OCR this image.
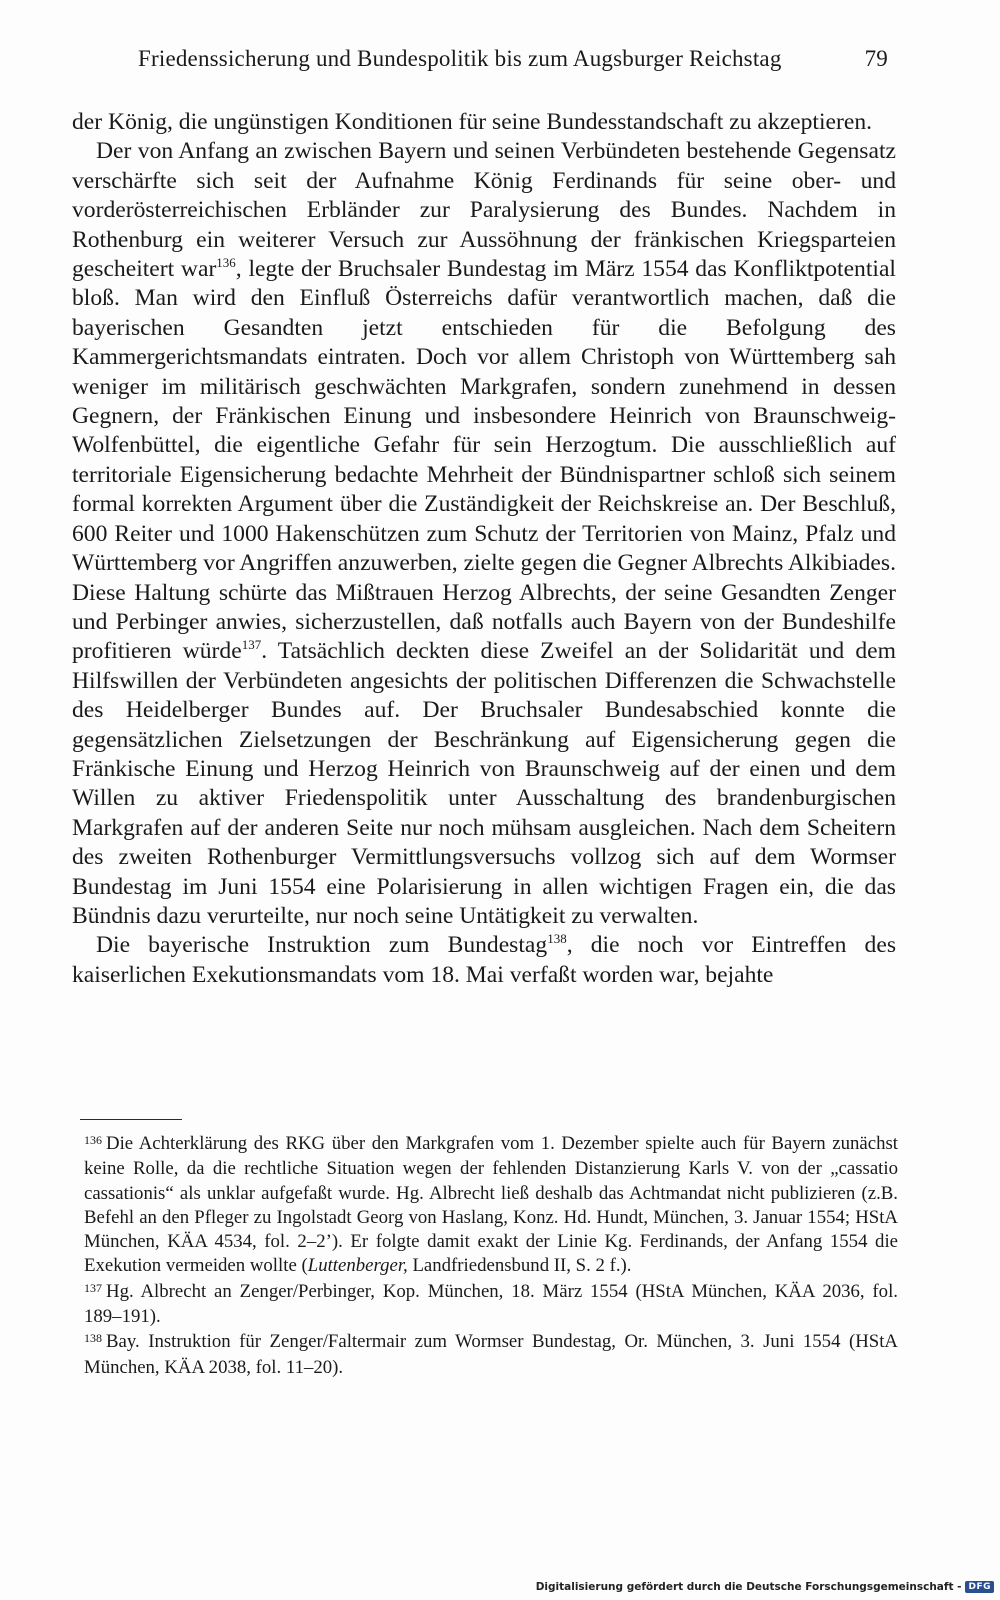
Friedenssicherung und Bundespolitik bis zum Augsburger Reichstag	79

der König, die ungünstigen Konditionen für seine Bundesstandschaft zu akzeptieren.

Der von Anfang an zwischen Bayern und seinen Verbündeten bestehende Gegensatz verschärfte sich seit der Aufnahme König Ferdinands für seine ober- und vorderösterreichischen Erbländer zur Paralysierung des Bundes. Nachdem in Rothenburg ein weiterer Versuch zur Aussöhnung der fränkischen Kriegsparteien gescheitert war$^{136}$, legte der Bruchsaler Bundestag im März 1554 das Konfliktpotential bloß. Man wird den Einfluß Österreichs dafür verantwortlich machen, daß die bayerischen Gesandten jetzt entschieden für die Befolgung des Kammergerichtsmandats eintraten. Doch vor allem Christoph von Württemberg sah weniger im militärisch geschwächten Markgrafen, sondern zunehmend in dessen Gegnern, der Fränkischen Einung und insbesondere Heinrich von Braunschweig-Wolfenbüttel, die eigentliche Gefahr für sein Herzogtum. Die ausschließlich auf territoriale Eigensicherung bedachte Mehrheit der Bündnispartner schloß sich seinem formal korrekten Argument über die Zuständigkeit der Reichskreise an. Der Beschluß, 600 Reiter und 1000 Hakenschützen zum Schutz der Territorien von Mainz, Pfalz und Württemberg vor Angriffen anzuwerben, zielte gegen die Gegner Albrechts Alkibiades. Diese Haltung schürte das Mißtrauen Herzog Albrechts, der seine Gesandten Zenger und Perbinger anwies, sicherzustellen, daß notfalls auch Bayern von der Bundeshilfe profitieren würde$^{137}$. Tatsächlich deckten diese Zweifel an der Solidarität und dem Hilfswillen der Verbündeten angesichts der politischen Differenzen die Schwachstelle des Heidelberger Bundes auf. Der Bruchsaler Bundesabschied konnte die gegensätzlichen Zielsetzungen der Beschränkung auf Eigensicherung gegen die Fränkische Einung und Herzog Heinrich von Braunschweig auf der einen und dem Willen zu aktiver Friedenspolitik unter Ausschaltung des brandenburgischen Markgrafen auf der anderen Seite nur noch mühsam ausgleichen. Nach dem Scheitern des zweiten Rothenburger Vermittlungsversuchs vollzog sich auf dem Wormser Bundestag im Juni 1554 eine Polarisierung in allen wichtigen Fragen ein, die das Bündnis dazu verurteilte, nur noch seine Untätigkeit zu verwalten.

Die bayerische Instruktion zum Bundestag$^{138}$, die noch vor Eintreffen des kaiserlichen Exekutionsmandats vom 18. Mai verfaßt worden war, bejahte

$^{136}$ Die Achterklärung des RKG über den Markgrafen vom 1. Dezember spielte auch für Bayern zunächst keine Rolle, da die rechtliche Situation wegen der fehlenden Distanzierung Karls V. von der „cassatio cassationis“ als unklar aufgefaßt wurde. Hg. Albrecht ließ deshalb das Achtmandat nicht publizieren (z.B. Befehl an den Pfleger zu Ingolstadt Georg von Haslang, Konz. Hd. Hundt, München, 3. Januar 1554; HStA München, KÄA 4534, fol. 2–2’). Er folgte damit exakt der Linie Kg. Ferdinands, der Anfang 1554 die Exekution vermeiden wollte (Luttenberger, Landfriedensbund II, S. 2 f.).

$^{137}$ Hg. Albrecht an Zenger/Perbinger, Kop. München, 18. März 1554 (HStA München, KÄA 2036, fol. 189–191).

$^{138}$ Bay. Instruktion für Zenger/Faltermair zum Wormser Bundestag, Or. München, 3. Juni 1554 (HStA München, KÄA 2038, fol. 11–20).

Digitalisierung gefördert durch die Deutsche Forschungsgemeinschaft - DFG
